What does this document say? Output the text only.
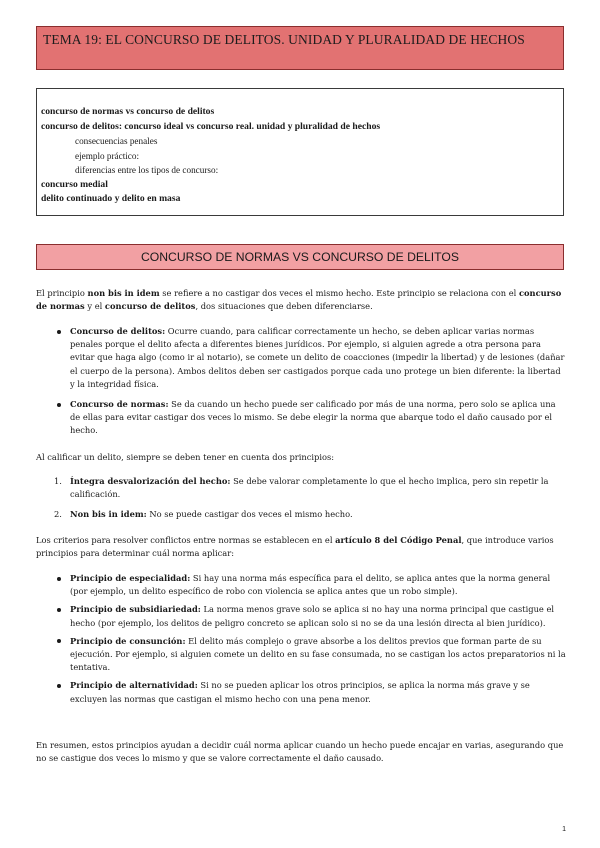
TEMA 19: EL CONCURSO DE DELITOS. UNIDAD Y PLURALIDAD DE HECHOS
concurso de normas vs concurso de delitos
concurso de delitos: concurso ideal vs concurso real. unidad y pluralidad de hechos
consecuencias penales
ejemplo práctico:
diferencias entre los tipos de concurso:
concurso medial
delito continuado y delito en masa
CONCURSO DE NORMAS VS CONCURSO DE DELITOS

El principio non bis in idem se refiere a no castigar dos veces el mismo hecho. Este principio se relaciona con el concurso de normas y el concurso de delitos, dos situaciones que deben diferenciarse.

Concurso de delitos: Ocurre cuando, para calificar correctamente un hecho, se deben aplicar varias normas penales porque el delito afecta a diferentes bienes jurídicos. Por ejemplo, si alguien agrede a otra persona para evitar que haga algo (como ir al notario), se comete un delito de coacciones (impedir la libertad) y de lesiones (dañar el cuerpo de la persona). Ambos delitos deben ser castigados porque cada uno protege un bien diferente: la libertad y la integridad física.
Concurso de normas: Se da cuando un hecho puede ser calificado por más de una norma, pero solo se aplica una de ellas para evitar castigar dos veces lo mismo. Se debe elegir la norma que abarque todo el daño causado por el hecho.

Al calificar un delito, siempre se deben tener en cuenta dos principios:

1. Íntegra desvalorización del hecho: Se debe valorar completamente lo que el hecho implica, pero sin repetir la calificación.
2. Non bis in idem: No se puede castigar dos veces el mismo hecho.

Los criterios para resolver conflictos entre normas se establecen en el artículo 8 del Código Penal, que introduce varios principios para determinar cuál norma aplicar:

Principio de especialidad: Si hay una norma más específica para el delito, se aplica antes que la norma general (por ejemplo, un delito específico de robo con violencia se aplica antes que un robo simple).
Principio de subsidiariedad: La norma menos grave solo se aplica si no hay una norma principal que castigue el hecho (por ejemplo, los delitos de peligro concreto se aplican solo si no se da una lesión directa al bien jurídico).
Principio de consunción: El delito más complejo o grave absorbe a los delitos previos que forman parte de su ejecución. Por ejemplo, si alguien comete un delito en su fase consumada, no se castigan los actos preparatorios ni la tentativa.
Principio de alternatividad: Si no se pueden aplicar los otros principios, se aplica la norma más grave y se excluyen las normas que castigan el mismo hecho con una pena menor.

En resumen, estos principios ayudan a decidir cuál norma aplicar cuando un hecho puede encajar en varias, asegurando que no se castigue dos veces lo mismo y que se valore correctamente el daño causado.

1
